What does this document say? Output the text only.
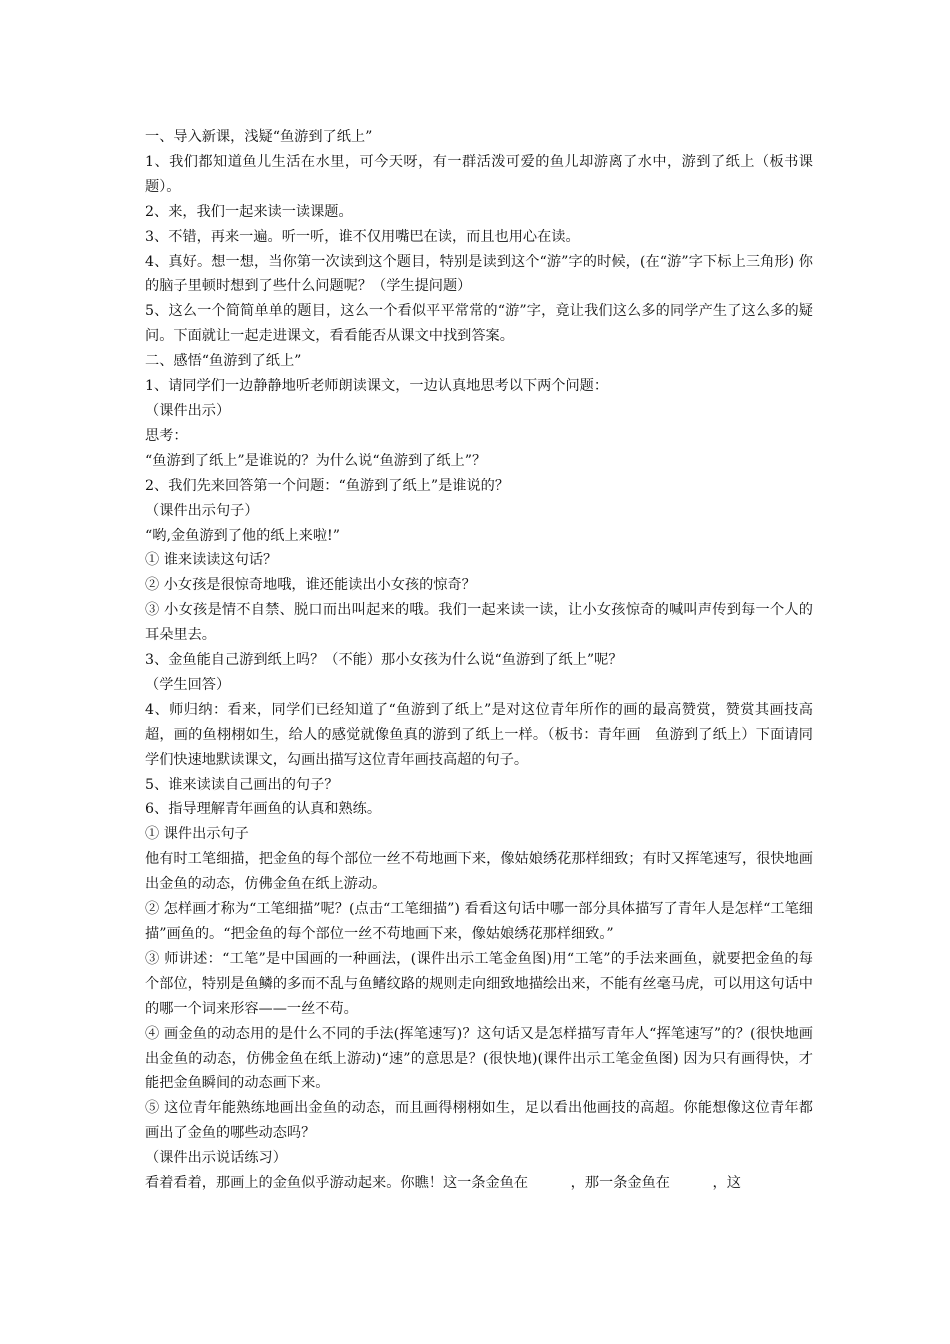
一、导入新课，浅疑“鱼游到了纸上”

1、我们都知道鱼儿生活在水里，可今天呀，有一群活泼可爱的鱼儿却游离了水中，游到了纸上（板书课题）。

2、来，我们一起来读一读课题。

3、不错，再来一遍。听一听，谁不仅用嘴巴在读，而且也用心在读。

4、真好。想一想，当你第一次读到这个题目，特别是读到这个“游”字的时候，(在“游”字下标上三角形) 你的脑子里顿时想到了些什么问题呢？（学生提问题）

5、这么一个简简单单的题目，这么一个看似平平常常的“游”字，竟让我们这么多的同学产生了这么多的疑问。下面就让一起走进课文，看看能否从课文中找到答案。

二、感悟“鱼游到了纸上”

1、请同学们一边静静地听老师朗读课文，一边认真地思考以下两个问题：

（课件出示）

思考：

“鱼游到了纸上”是谁说的？为什么说“鱼游到了纸上”？

2、我们先来回答第一个问题：“鱼游到了纸上”是谁说的？

（课件出示句子）

“哟,金鱼游到了他的纸上来啦!”

① 谁来读读这句话？

② 小女孩是很惊奇地哦，谁还能读出小女孩的惊奇？

③ 小女孩是情不自禁、脱口而出叫起来的哦。我们一起来读一读，让小女孩惊奇的喊叫声传到每一个人的耳朵里去。

3、金鱼能自己游到纸上吗？（不能）那小女孩为什么说“鱼游到了纸上”呢？

（学生回答）

4、师归纳：看来，同学们已经知道了“鱼游到了纸上”是对这位青年所作的画的最高赞赏，赞赏其画技高超，画的鱼栩栩如生，给人的感觉就像鱼真的游到了纸上一样。（板书：青年画　鱼游到了纸上）下面请同学们快速地默读课文，勾画出描写这位青年画技高超的句子。

5、谁来读读自己画出的句子？

6、指导理解青年画鱼的认真和熟练。

① 课件出示句子

他有时工笔细描，把金鱼的每个部位一丝不苟地画下来，像姑娘绣花那样细致；有时又挥笔速写，很快地画出金鱼的动态，仿佛金鱼在纸上游动。

② 怎样画才称为“工笔细描”呢？(点击“工笔细描”) 看看这句话中哪一部分具体描写了青年人是怎样“工笔细描”画鱼的。“把金鱼的每个部位一丝不苟地画下来，像姑娘绣花那样细致。”

③ 师讲述：“工笔”是中国画的一种画法，(课件出示工笔金鱼图)用“工笔”的手法来画鱼，就要把金鱼的每个部位，特别是鱼鳞的多而不乱与鱼鳍纹路的规则走向细致地描绘出来，不能有丝毫马虎，可以用这句话中的哪一个词来形容——一丝不苟。

④ 画金鱼的动态用的是什么不同的手法(挥笔速写)？这句话又是怎样描写青年人“挥笔速写”的？(很快地画出金鱼的动态，仿佛金鱼在纸上游动)“速”的意思是？(很快地)(课件出示工笔金鱼图) 因为只有画得快，才能把金鱼瞬间的动态画下来。

⑤ 这位青年能熟练地画出金鱼的动态，而且画得栩栩如生，足以看出他画技的高超。你能想像这位青年都画出了金鱼的哪些动态吗？

（课件出示说话练习）

看着看着，那画上的金鱼似乎游动起来。你瞧！这一条金鱼在　　　，那一条金鱼在　　　，这
